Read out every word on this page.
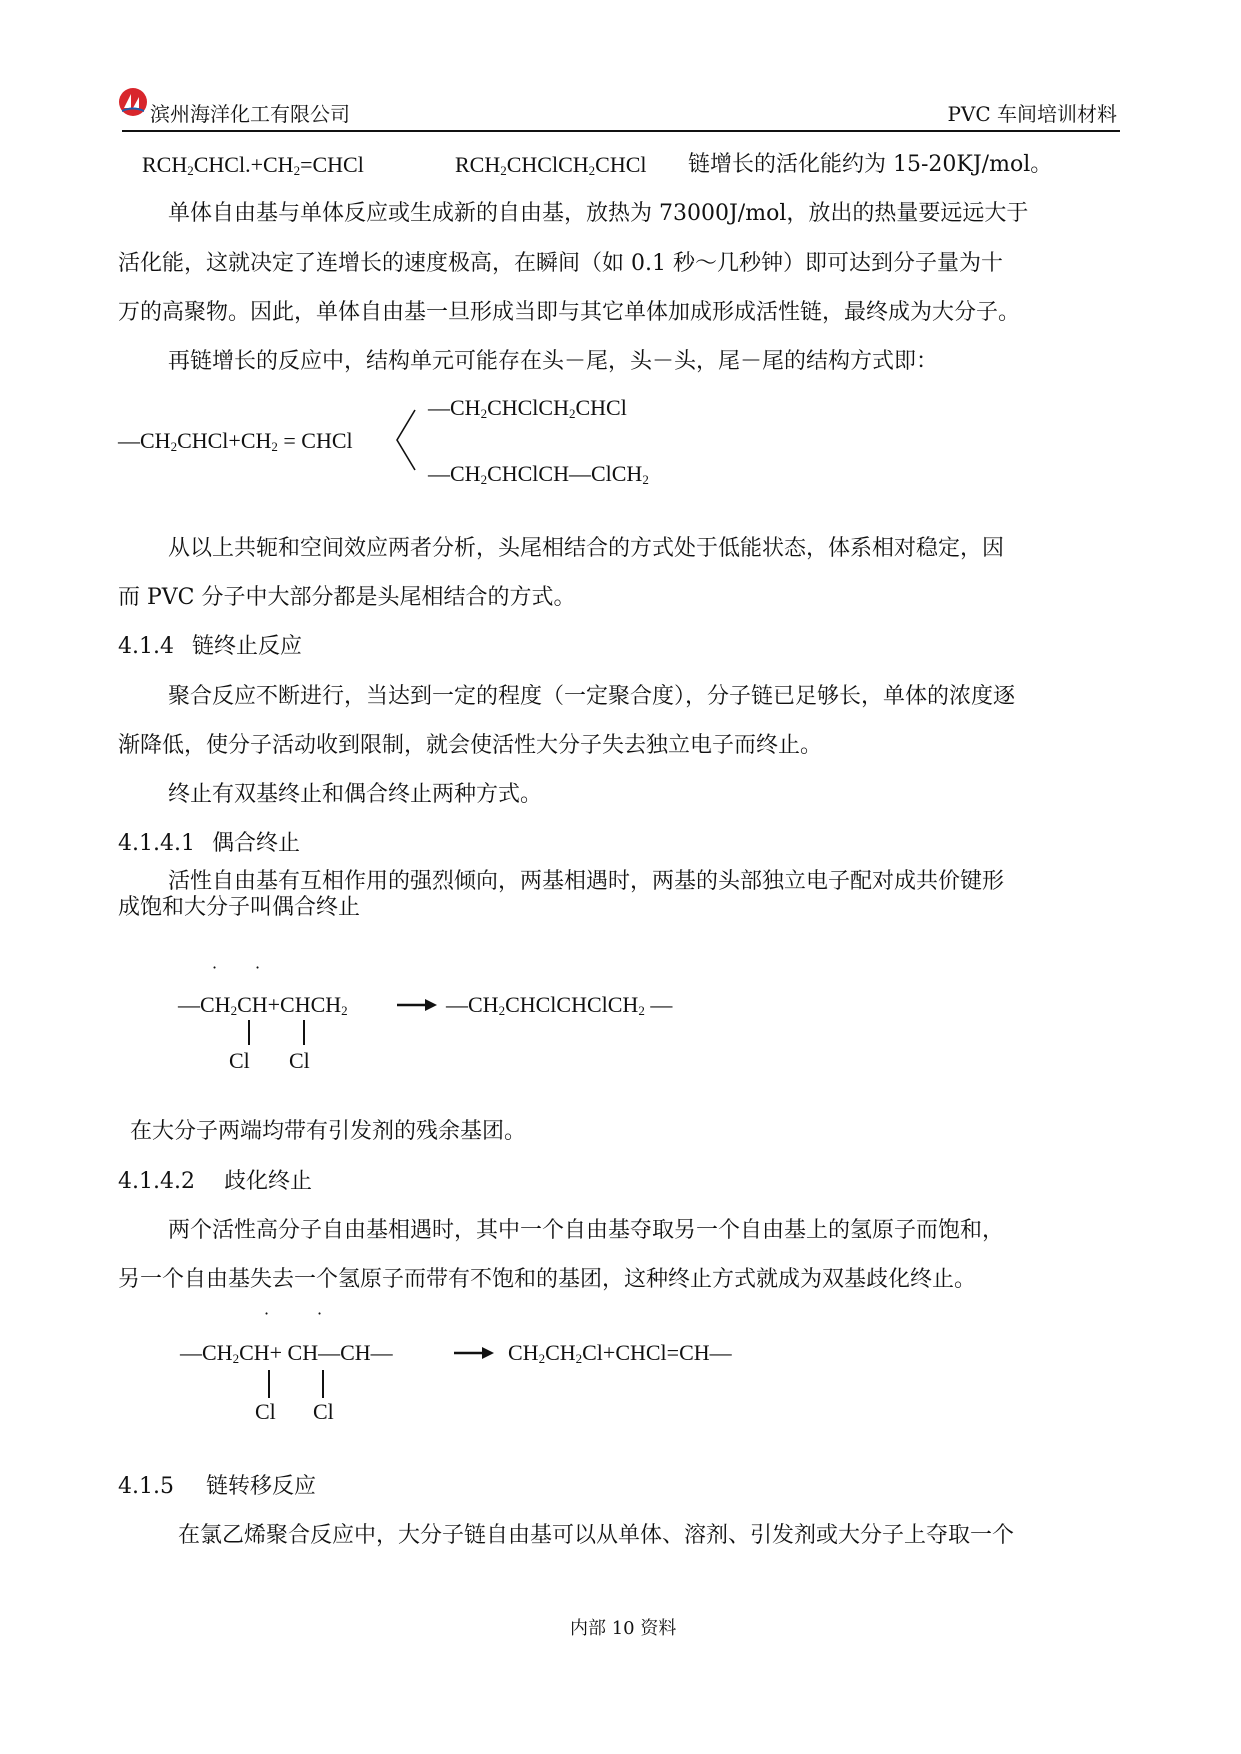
滨州海洋化工有限公司	PVC 车间培训材料
$RCH_2CHCl.+CH_2=CHCl$	$RCH_2CHClCH_2CHCl$ 链增长的活化能约为 15-20KJ/mol。
单体自由基与单体反应或生成新的自由基，放热为 73000J/mol，放出的热量要远远大于
活化能，这就决定了连增长的速度极高，在瞬间（如 0.1 秒～几秒钟）即可达到分子量为十
万的高聚物。因此，单体自由基一旦形成当即与其它单体加成形成活性链，最终成为大分子。
再链增长的反应中，结构单元可能存在头－尾，头－头，尾－尾的结构方式即：
$—CH_2CHCl+CH_2$ = CHCl
$—CH_2CHClCH_2CHCl$
$—CH_2CHClCH—ClCH_2$
从以上共轭和空间效应两者分析，头尾相结合的方式处于低能状态，体系相对稳定，因
而 PVC 分子中大部分都是头尾相结合的方式。
4.1.4 链终止反应
聚合反应不断进行，当达到一定的程度（一定聚合度），分子链已足够长，单体的浓度逐
渐降低，使分子活动收到限制，就会使活性大分子失去独立电子而终止。
终止有双基终止和偶合终止两种方式。
4.1.4.1 偶合终止
活性自由基有互相作用的强烈倾向，两基相遇时，两基的头部独立电子配对成共价键形
成饱和大分子叫偶合终止
· ·
$—CH_2CH+CHCH_2$	→ $—CH_2CHClCHClCH_2$ —
Cl Cl
在大分子两端均带有引发剂的残余基团。
4.1.4.2 歧化终止
两个活性高分子自由基相遇时，其中一个自由基夺取另一个自由基上的氢原子而饱和，
另一个自由基失去一个氢原子而带有不饱和的基团，这种终止方式就成为双基歧化终止。
·	·
$—CH_2CH+$ CH—CH—	→ $CH_2CH_2Cl+CHCl=CH—$
Cl Cl
4.1.5 链转移反应
在氯乙烯聚合反应中，大分子链自由基可以从单体、溶剂、引发剂或大分子上夺取一个
内部 10 资料
